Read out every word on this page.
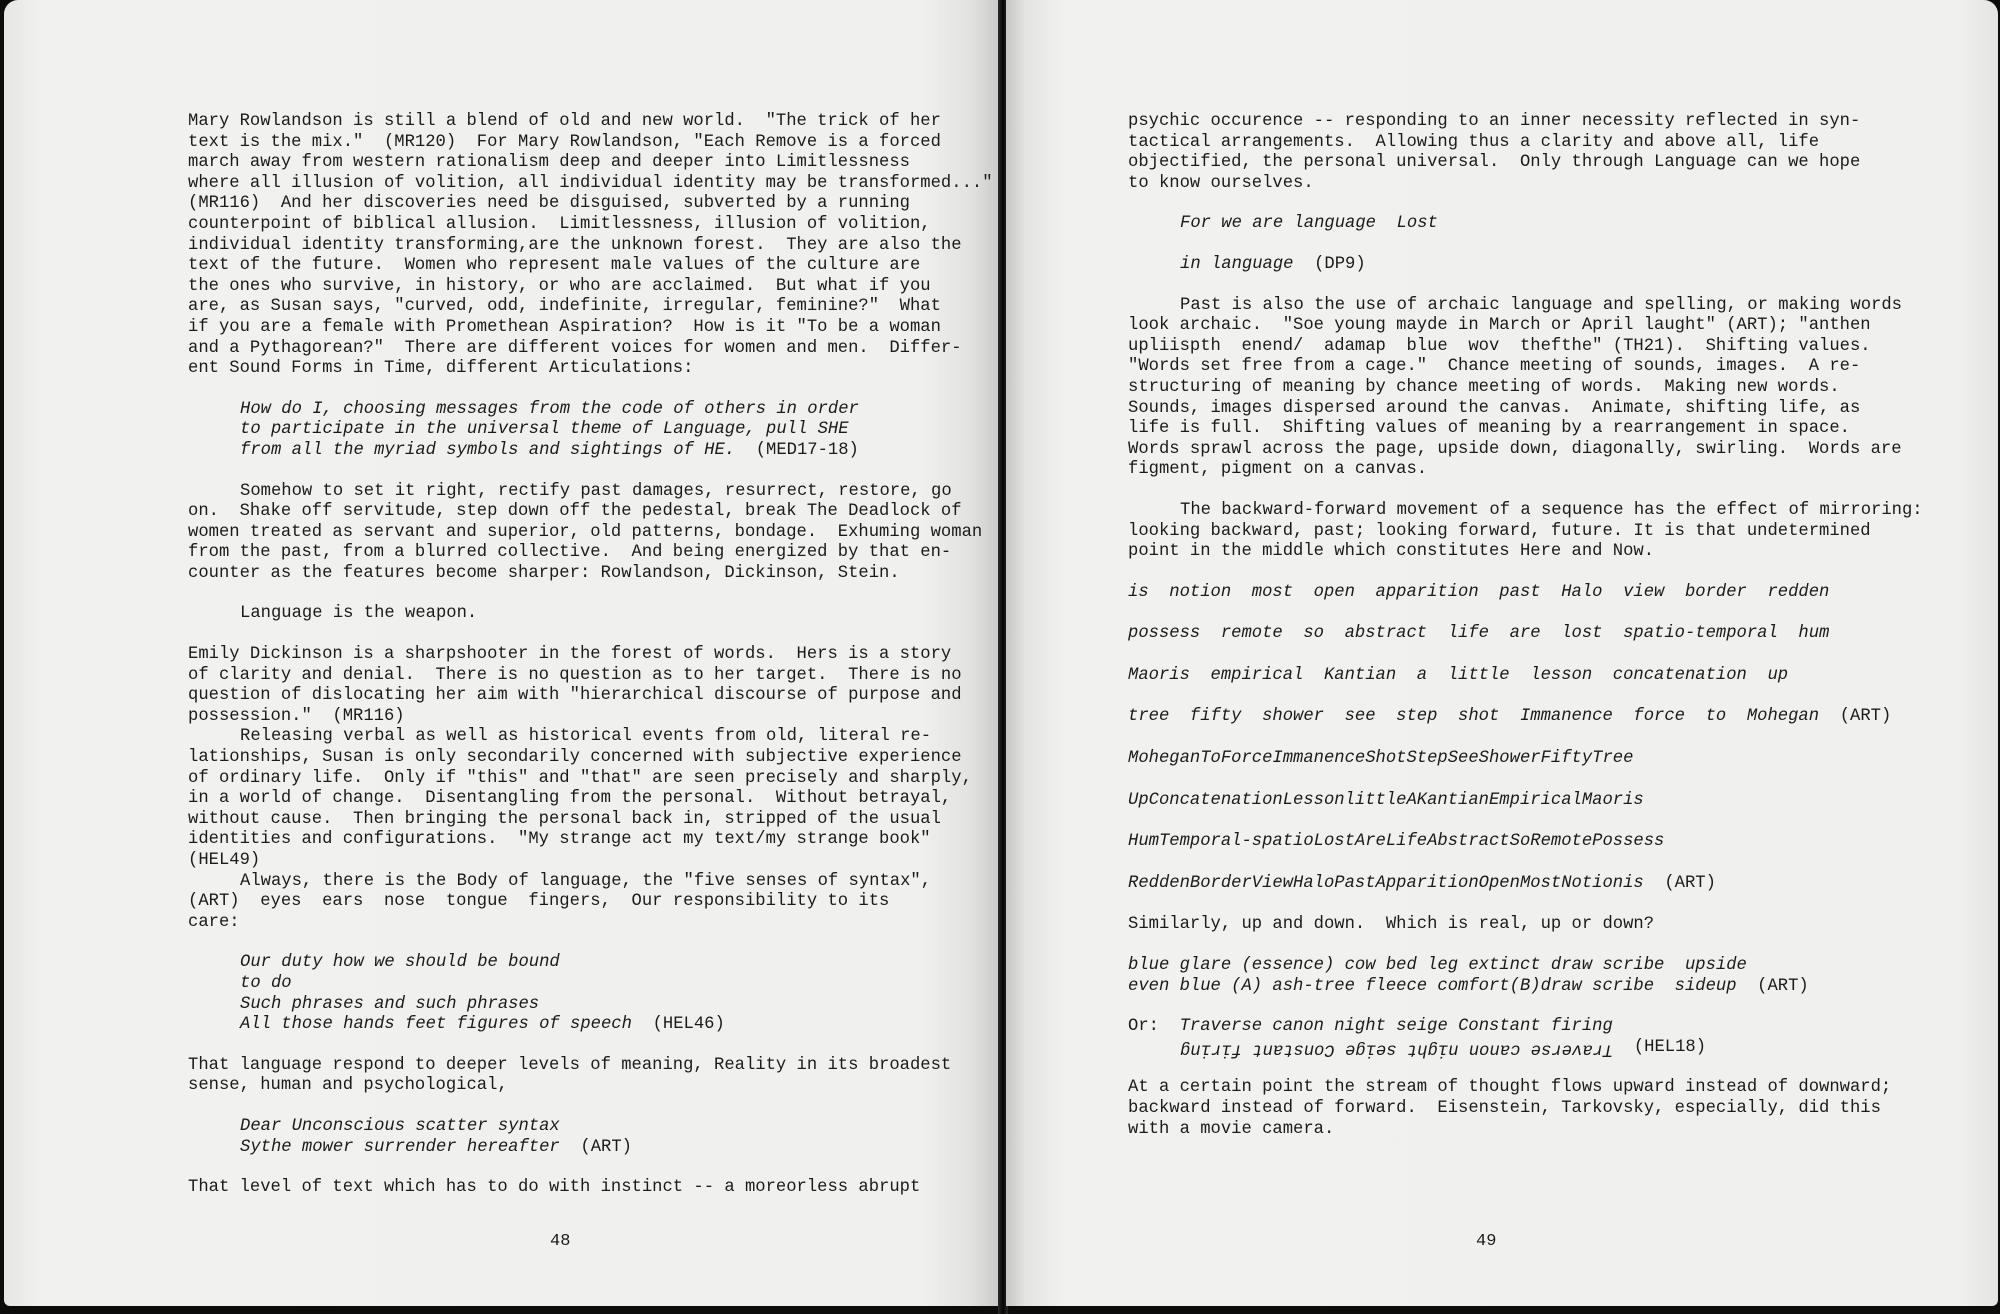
Mary Rowlandson is still a blend of old and new world.  "The trick of her
text is the mix."  (MR120)  For Mary Rowlandson, "Each Remove is a forced
march away from western rationalism deep and deeper into Limitlessness
where all illusion of volition, all individual identity may be transformed..."
(MR116)  And her discoveries need be disguised, subverted by a running
counterpoint of biblical allusion.  Limitlessness, illusion of volition,
individual identity transforming,are the unknown forest.  They are also the
text of the future.  Women who represent male values of the culture are
the ones who survive, in history, or who are acclaimed.  But what if you
are, as Susan says, "curved, odd, indefinite, irregular, feminine?"  What
if you are a female with Promethean Aspiration?  How is it "To be a woman
and a Pythagorean?"  There are different voices for women and men.  Differ-
ent Sound Forms in Time, different Articulations:
How do I, choosing messages from the code of others in order
to participate in the universal theme of Language, pull SHE
from all the myriad symbols and sightings of HE.  (MED17-18)
Somehow to set it right, rectify past damages, resurrect, restore, go
on.  Shake off servitude, step down off the pedestal, break The Deadlock of
women treated as servant and superior, old patterns, bondage.  Exhuming woman
from the past, from a blurred collective.  And being energized by that en-
counter as the features become sharper: Rowlandson, Dickinson, Stein.
Language is the weapon.
Emily Dickinson is a sharpshooter in the forest of words.  Hers is a story
of clarity and denial.  There is no question as to her target.  There is no
question of dislocating her aim with "hierarchical discourse of purpose and
possession."  (MR116)
Releasing verbal as well as historical events from old, literal re-
lationships, Susan is only secondarily concerned with subjective experience
of ordinary life.  Only if "this" and "that" are seen precisely and sharply,
in a world of change.  Disentangling from the personal.  Without betrayal,
without cause.  Then bringing the personal back in, stripped of the usual
identities and configurations.  "My strange act my text/my strange book"
(HEL49)
Always, there is the Body of language, the "five senses of syntax",
(ART)  eyes  ears  nose  tongue  fingers,  Our responsibility to its
care:
Our duty how we should be bound
to do
Such phrases and such phrases
All those hands feet figures of speech  (HEL46)
That language respond to deeper levels of meaning, Reality in its broadest
sense, human and psychological,
Dear Unconscious scatter syntax
Sythe mower surrender hereafter  (ART)
That level of text which has to do with instinct -- a moreorless abrupt
48
psychic occurence -- responding to an inner necessity reflected in syn-
tactical arrangements.  Allowing thus a clarity and above all, life
objectified, the personal universal.  Only through Language can we hope
to know ourselves.
For we are language  Lost
in language  (DP9)
Past is also the use of archaic language and spelling, or making words
look archaic.  "Soe young mayde in March or April laught" (ART); "anthen
upliispth  enend/  adamap  blue  wov  thefthe" (TH21).  Shifting values.
"Words set free from a cage."  Chance meeting of sounds, images.  A re-
structuring of meaning by chance meeting of words.  Making new words.
Sounds, images dispersed around the canvas.  Animate, shifting life, as
life is full.  Shifting values of meaning by a rearrangement in space.
Words sprawl across the page, upside down, diagonally, swirling.  Words are
figment, pigment on a canvas.
The backward-forward movement of a sequence has the effect of mirroring:
looking backward, past; looking forward, future. It is that undetermined
point in the middle which constitutes Here and Now.
is  notion  most  open  apparition  past  Halo  view  border  redden
possess  remote  so  abstract  life  are  lost  spatio-temporal  hum
Maoris  empirical  Kantian  a  little  lesson  concatenation  up
tree  fifty  shower  see  step  shot  Immanence  force  to  Mohegan  (ART)
MoheganToForceImmanenceShotStepSeeShowerFiftyTree
UpConcatenationLessonlittleAKantianEmpiricalMaoris
HumTemporal-spatioLostAreLifeAbstractSoRemotePossess
ReddenBorderViewHaloPastApparitionOpenMostNotionis  (ART)
Similarly, up and down.  Which is real, up or down?
blue glare (essence) cow bed leg extinct draw scribe  upside
even blue (A) ash-tree fleece comfort(B)draw scribe  sideup  (ART)
Or: Traverse canon night seige Constant firing
Traverse canon night seige Constant firing  (HEL18)
At a certain point the stream of thought flows upward instead of downward;
backward instead of forward.  Eisenstein, Tarkovsky, especially, did this
with a movie camera.
49
